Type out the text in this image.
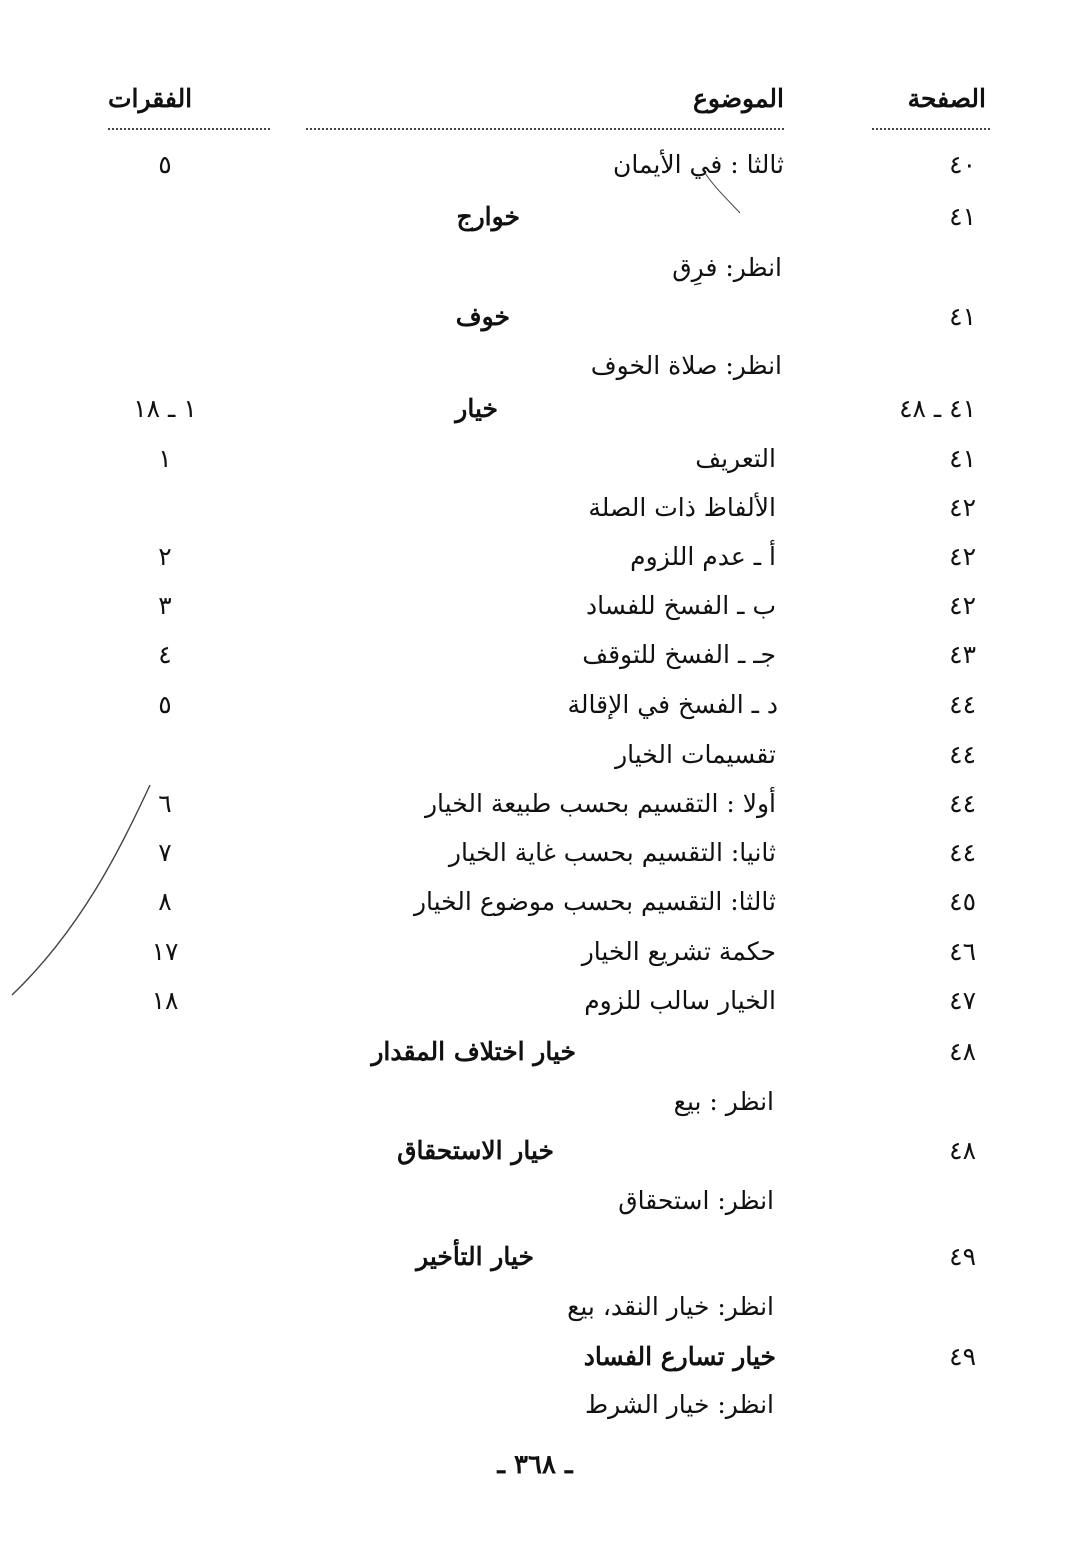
الصفحة
الموضوع
الفقرات
٤٠
ثالثا : في الأيمان
٥
٤١
خوارج
انظر: فرِق
٤١
خوف
انظر: صلاة الخوف
٤١ ـ ٤٨
خيار
١ ـ ١٨
٤١
التعريف
١
٤٢
الألفاظ ذات الصلة
٤٢
أ ـ عدم اللزوم
٢
٤٢
ب ـ الفسخ للفساد
٣
٤٣
جـ ـ الفسخ للتوقف
٤
٤٤
د ـ الفسخ في الإقالة
٥
٤٤
تقسيمات الخيار
٤٤
أولا : التقسيم بحسب طبيعة الخيار
٦
٤٤
ثانيا: التقسيم بحسب غاية الخيار
٧
٤٥
ثالثا: التقسيم بحسب موضوع الخيار
٨
٤٦
حكمة تشريع الخيار
١٧
٤٧
الخيار سالب للزوم
١٨
٤٨
خيار اختلاف المقدار
انظر : بيع
٤٨
خيار الاستحقاق
انظر: استحقاق
٤٩
خيار التأخير
انظر: خيار النقد، بيع
٤٩
خيار تسارع الفساد
انظر: خيار الشرط
ـ ٣٦٨ ـ
